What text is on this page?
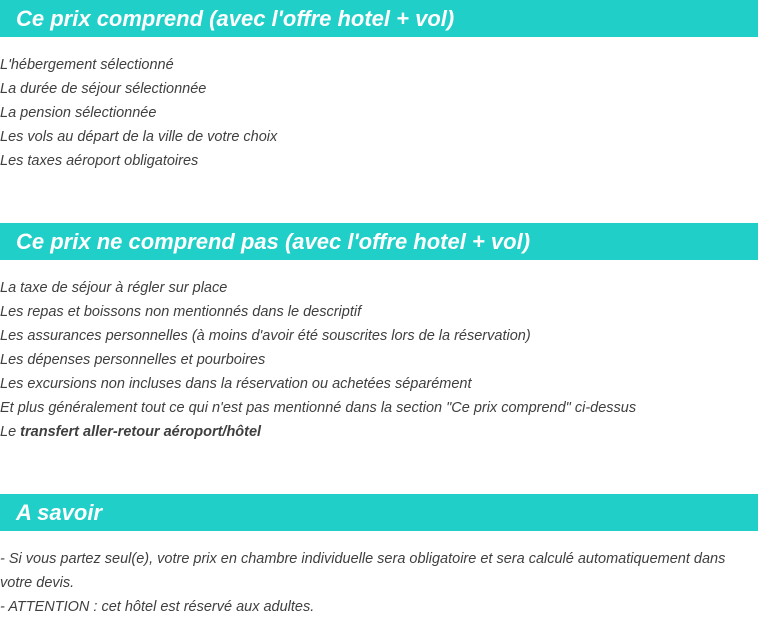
Ce prix comprend (avec l'offre hotel + vol)
L'hébergement sélectionné
La durée de séjour sélectionnée
La pension sélectionnée
Les vols au départ de la ville de votre choix
Les taxes aéroport obligatoires
Ce prix ne comprend pas (avec l'offre hotel + vol)
La taxe de séjour à régler sur place
Les repas et boissons non mentionnés dans le descriptif
Les assurances personnelles (à moins d'avoir été souscrites lors de la réservation)
Les dépenses personnelles et pourboires
Les excursions non incluses dans la réservation ou achetées séparément
Et plus généralement tout ce qui n'est pas mentionné dans la section "Ce prix comprend" ci-dessus
Le transfert aller-retour aéroport/hôtel
A savoir

- Si vous partez seul(e), votre prix en chambre individuelle sera obligatoire et sera calculé automatiquement dans votre devis.

- ATTENTION : cet hôtel est réservé aux adultes.
